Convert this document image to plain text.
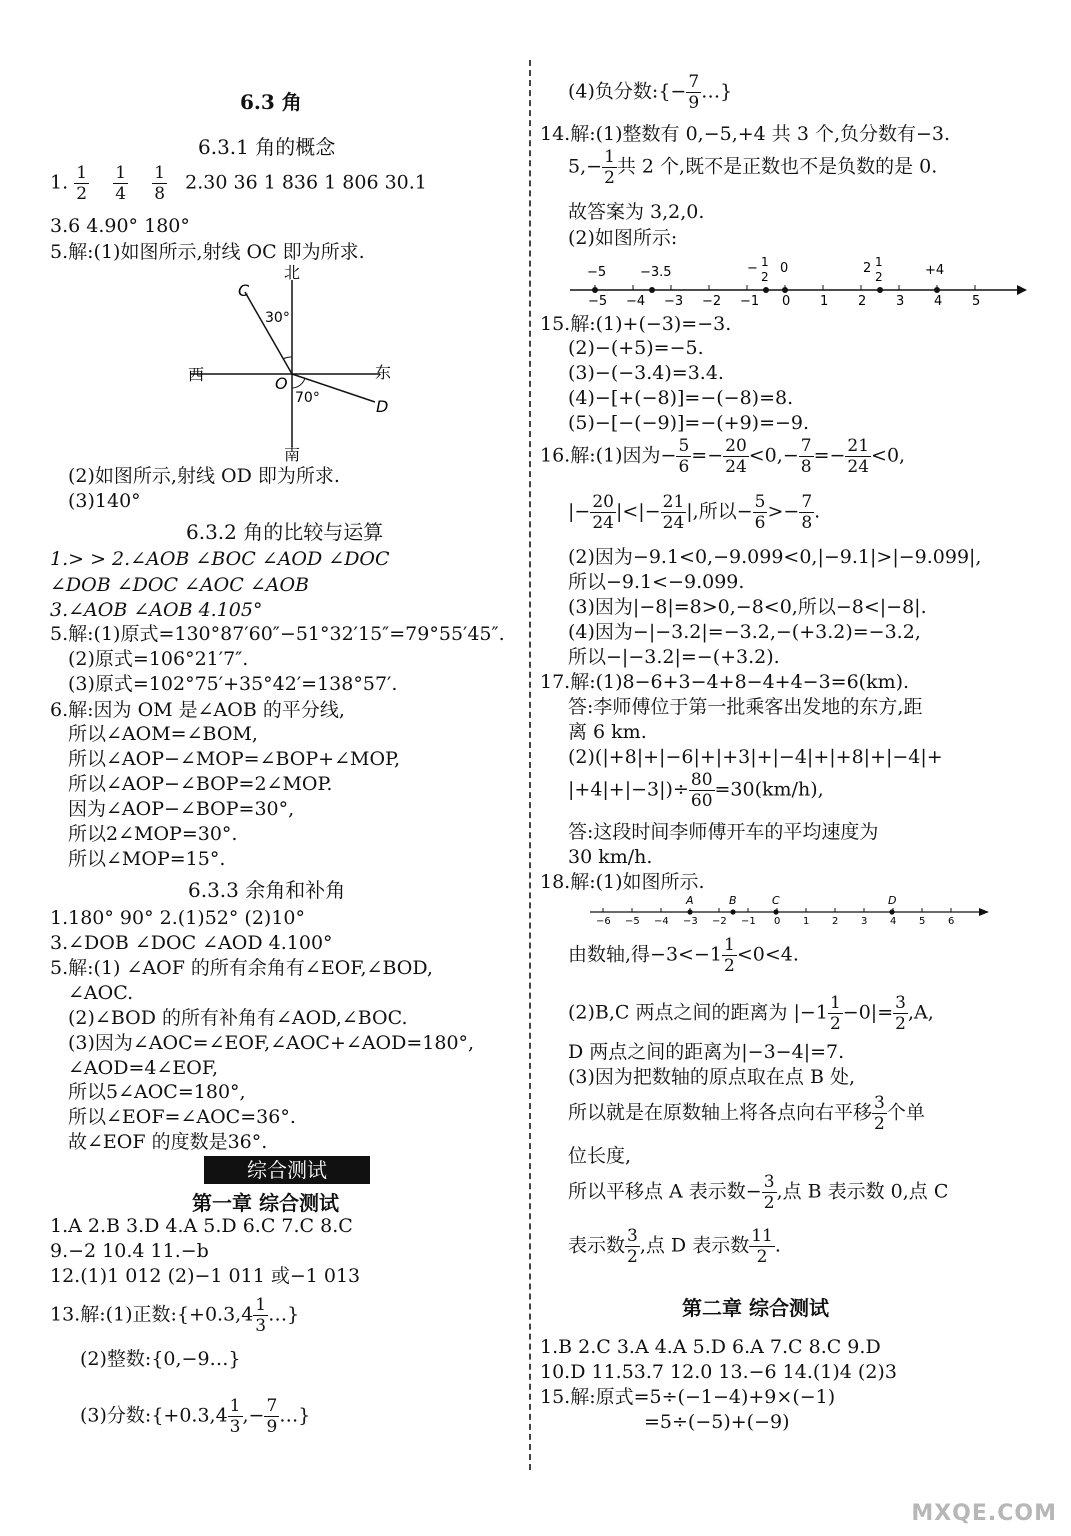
6.3 角
6.3.1 角的概念
1. $\frac{1}{2}$
$\frac{1}{4}$
$\frac{1}{8} 2.30$ 36 1 836 1 806 30.1
3.6 4.90° 180°
5.解:(1)如图所示,射线 OC 即为所求.
北
南
西	东
C
D
O
30°
70°
(2)如图所示,射线 OD 即为所求.
(3)140°
6.3.2 角的比较与运算
1.> > 2.∠AOB ∠BOC ∠AOD ∠DOC
∠DOB ∠DOC ∠AOC ∠AOB
3.∠AOB ∠AOB 4.105°
5.解:(1)原式=130°87′60″−51°32′15″=79°55′45″.
(2)原式=106°21′7″.
(3)原式=102°75′+35°42′=138°57′.
6.解:因为 OM 是∠AOB 的平分线,
所以∠AOM=∠BOM,
所以∠AOP−∠MOP=∠BOP+∠MOP,
所以∠AOP−∠BOP=2∠MOP.
因为∠AOP−∠BOP=30°,
所以2∠MOP=30°.
所以∠MOP=15°.
6.3.3 余角和补角
1.180° 90° 2.(1)52° (2)10°
3.∠DOB ∠DOC ∠AOD 4.100°
5.解:(1) ∠AOF 的所有余角有∠EOF,∠BOD,
∠AOC.
(2)∠BOD 的所有补角有∠AOD,∠BOC.
(3)因为∠AOC=∠EOF,∠AOC+∠AOD=180°,
∠AOD=4∠EOF,
所以5∠AOC=180°,
所以∠EOF=∠AOC=36°.
故∠EOF 的度数是36°.
综合测试
第一章 综合测试
1.A 2.B 3.D 4.A 5.D 6.C 7.C 8.C
9.−2 10.4 11.−b
12.(1)1 012 (2)−1 011 或−1 013
13.解:(1)正数:{+0.3,4 $\frac{1}{3}$ …}
(2)整数:{0,−9…}
(3)分数:{+0.3,4 $\frac{1}{3}$ ,− $\frac{7}{9}$ …}
(4)负分数:{− $\frac{7}{9}$ …}
14.解:(1)整数有 0,−5,+4 共 3 个,负分数有−3.
$5,- \frac{1}{2}$ 共 2 个,既不是正数也不是负数的是 0.
故答案为 3,2,0.
(2)如图所示:
−5 −4 −3 −2 −1 0 1 2 3 4 5
−5	−3.5	− 1
2
0	2 1
2	+4
15.解:(1)+(−3)=−3.
(2)−(+5)=−5.
(3)−(−3.4)=3.4.
(4)−[+(−8)]=−(−8)=8.
(5)−[−(−9)]=−(+9)=−9.
16.解:(1)因为− $\frac{5}{6} =- \frac{20}{24} <0,- \frac{7}{8} =- \frac{21}{24} <0$,
|− $\frac{20}{24}$ |<|− $\frac{21}{24}$ |,所以− $\frac{5}{6} >- \frac{7}{8}$ .
(2)因为−9.1<0,−9.099<0,|−9.1|>|−9.099|,
所以−9.1<−9.099.
(3)因为|−8|=8>0,−8<0,所以−8<|−8|.
(4)因为−|−3.2|=−3.2,−(+3.2)=−3.2,
所以−|−3.2|=−(+3.2).
17.解:(1)8−6+3−4+8−4+4−3=6(km).
答:李师傅位于第一批乘客出发地的东方,距
离 6 km.
(2)(|+8|+|−6|+|+3|+|−4|+|+8|+|−4|+
$|+4|+|-3|)\div \frac{80}{60} =30(km/h)$,
答:这段时间李师傅开车的平均速度为
30 km/h.
18.解:(1)如图所示.
−6 −5 −4 −3 −2 −1 0 1 2 3 4 5 6
A	B	C	D
由数轴,得$-3<-1 \frac{1}{2} <0<4$.
(2)B,C 两点之间的距离为 $|-1 \frac{1}{2} -0|= \frac{3}{2} ,A$,
D 两点之间的距离为|−3−4|=7.
(3)因为把数轴的原点取在点 B 处,
所以就是在原数轴上将各点向右平移 $\frac{3}{2}$ 个单
位长度,
所以平移点 A 表示数− $\frac{3}{2}$ ,点 B 表示数 0,点 C
表示数 $\frac{3}{2}$ ,点 D 表示数 $\frac{11}{2}$ .
第二章 综合测试
1.B 2.C 3.A 4.A 5.D 6.A 7.C 8.C 9.D
10.D 11.53.7 12.0 13.−6 14.(1)4 (2)3
15.解:原式=5÷(−1−4)+9×(−1)
=5÷(−5)+(−9)
MXQE.COM
